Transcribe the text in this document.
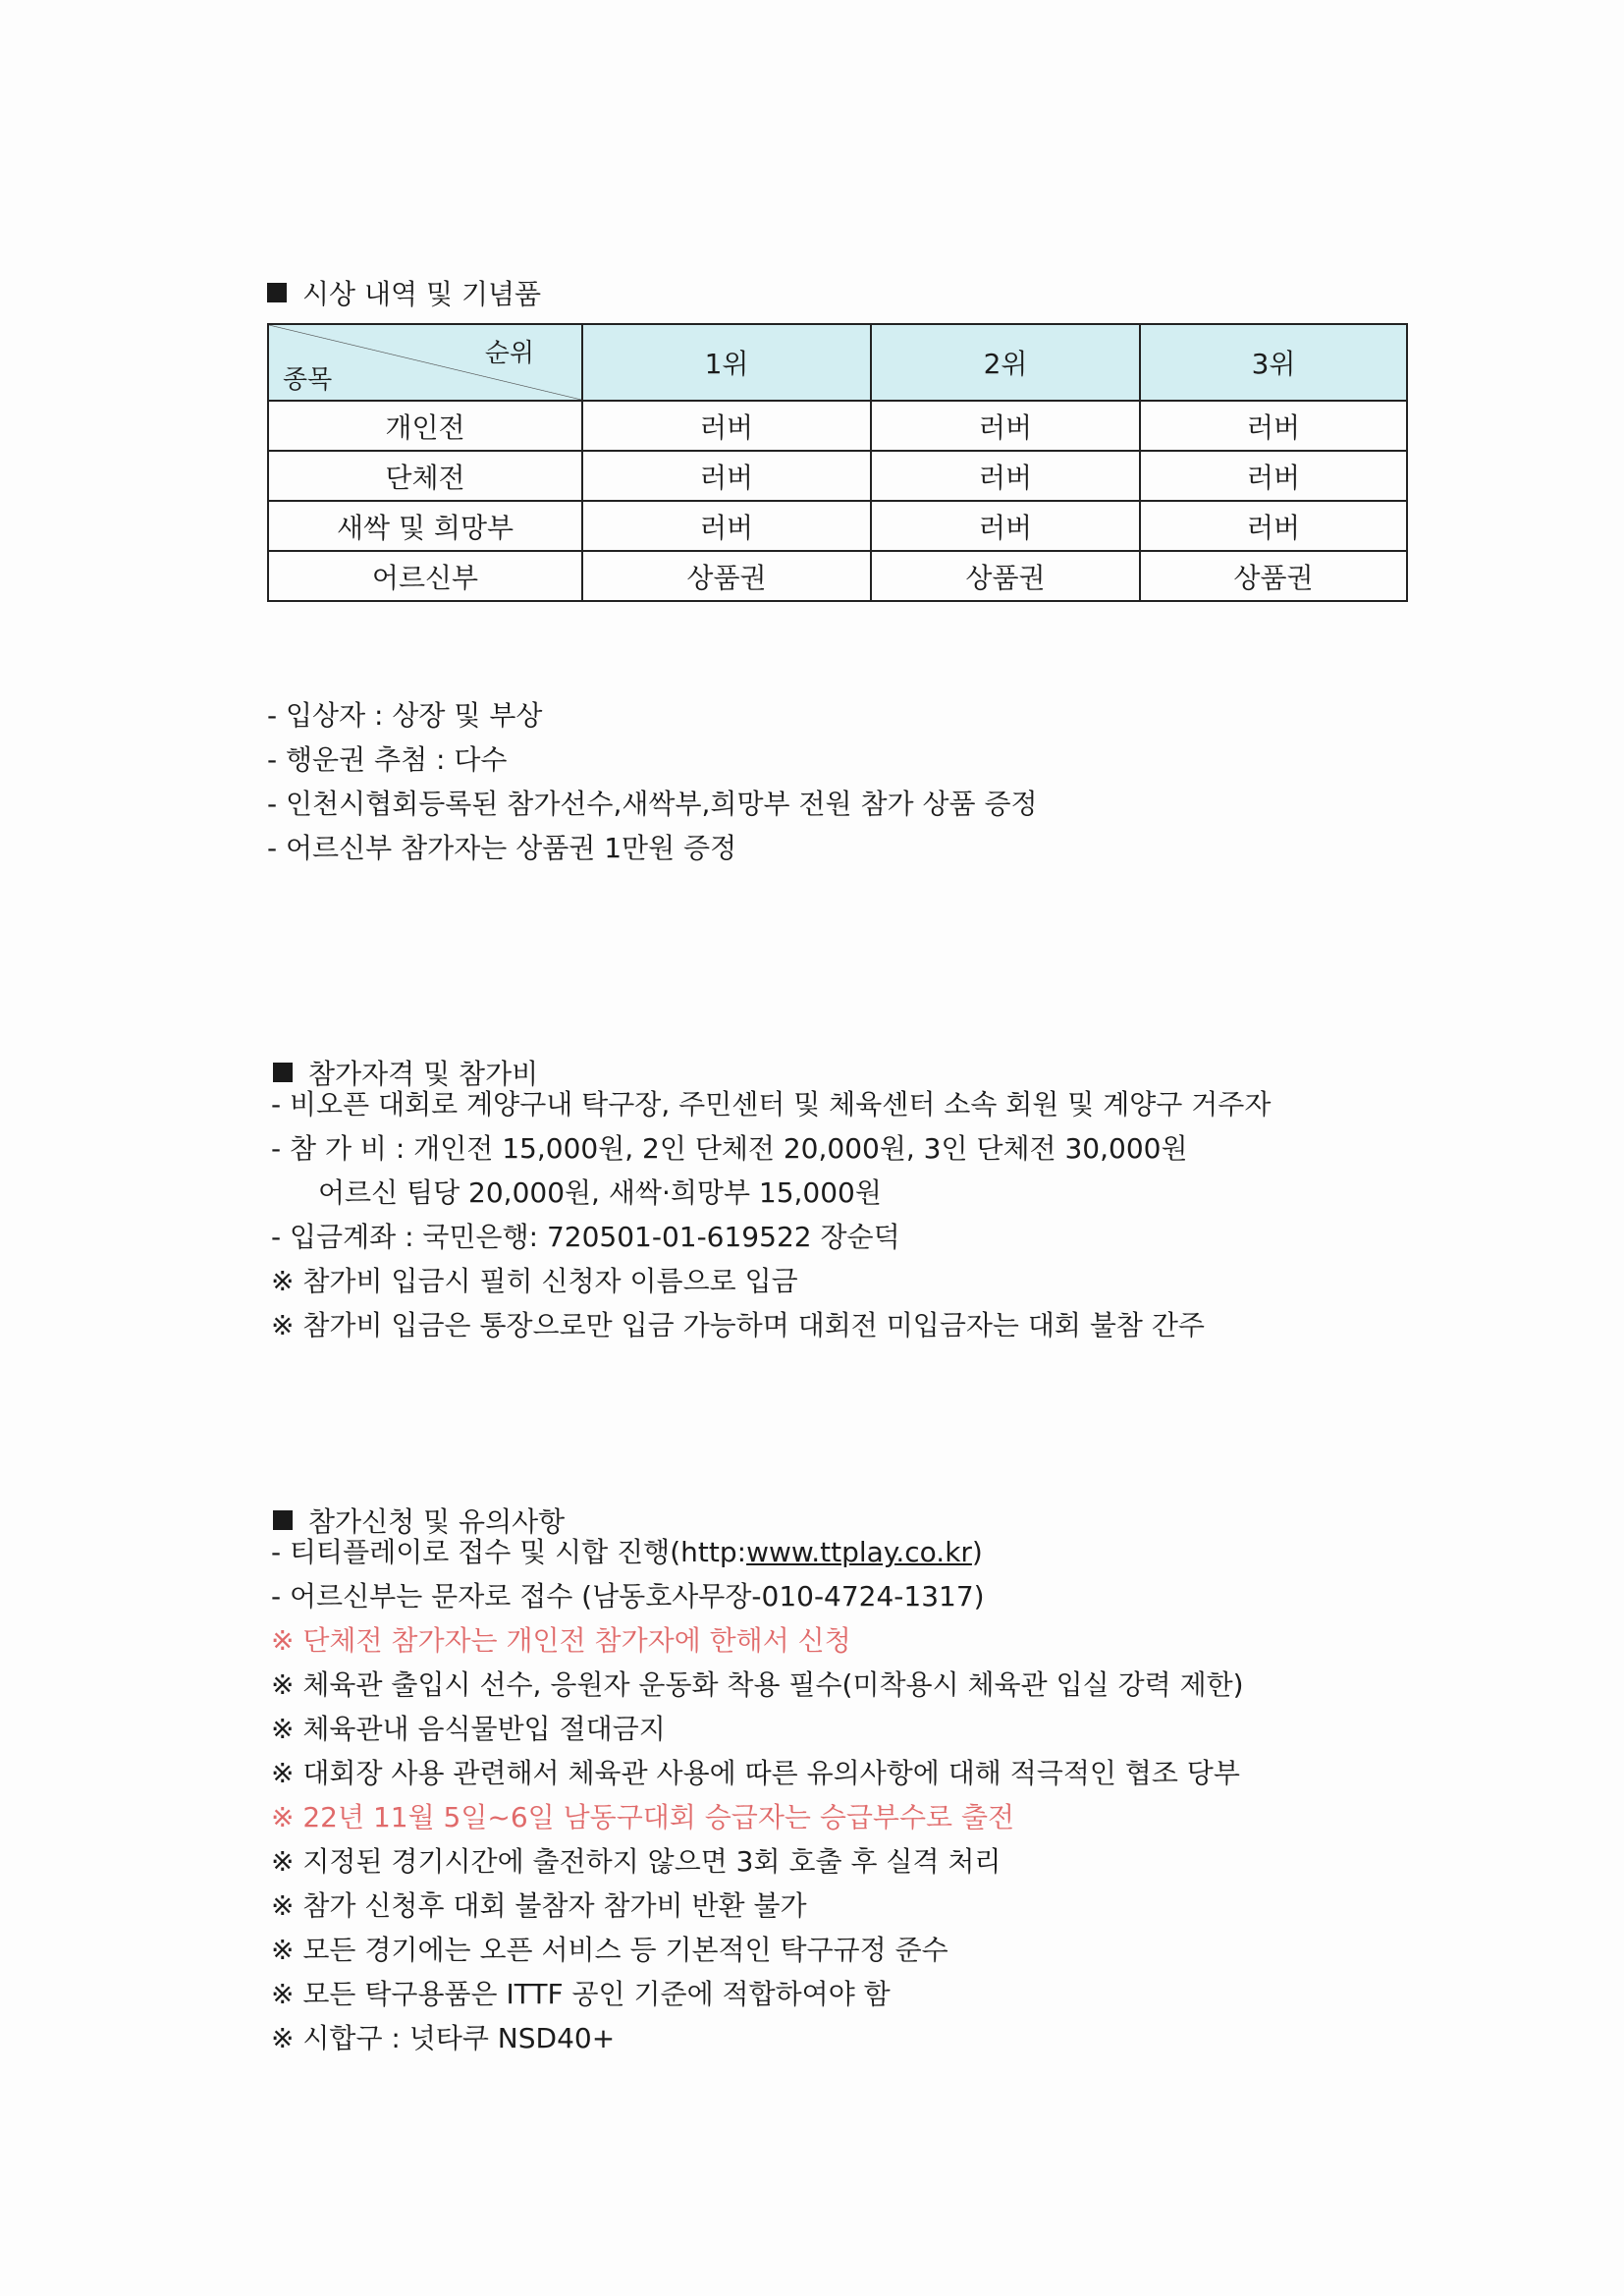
시상 내역 및 기념품
순위
종목	1위	2위	3위
개인전	러버	러버	러버
단체전	러버	러버	러버
새싹 및 희망부	러버	러버	러버
어르신부	상품권	상품권	상품권
- 입상자 : 상장 및 부상
- 행운권 추첨 : 다수
- 인천시협회등록된 참가선수,새싹부,희망부 전원 참가 상품 증정
- 어르신부 참가자는 상품권 1만원 증정
참가자격 및 참가비
- 비오픈 대회로 계양구내 탁구장, 주민센터 및 체육센터 소속 회원 및 계양구 거주자
- 참 가 비 : 개인전 15,000원, 2인 단체전 20,000원, 3인 단체전 30,000원
어르신 팀당 20,000원, 새싹·희망부 15,000원
- 입금계좌 : 국민은행: 720501-01-619522 장순덕
※ 참가비 입금시 필히 신청자 이름으로 입금
※ 참가비 입금은 통장으로만 입금 가능하며 대회전 미입금자는 대회 불참 간주
참가신청 및 유의사항
- 티티플레이로 접수 및 시합 진행(http:www.ttplay.co.kr)
- 어르신부는 문자로 접수 (남동호사무장-010-4724-1317)
※ 단체전 참가자는 개인전 참가자에 한해서 신청
※ 체육관 출입시 선수, 응원자 운동화 착용 필수(미착용시 체육관 입실 강력 제한)
※ 체육관내 음식물반입 절대금지
※ 대회장 사용 관련해서 체육관 사용에 따른 유의사항에 대해 적극적인 협조 당부
※ 22년 11월 5일~6일 남동구대회 승급자는 승급부수로 출전
※ 지정된 경기시간에 출전하지 않으면 3회 호출 후 실격 처리
※ 참가 신청후 대회 불참자 참가비 반환 불가
※ 모든 경기에는 오픈 서비스 등 기본적인 탁구규정 준수
※ 모든 탁구용품은 ITTF 공인 기준에 적합하여야 함
※ 시합구 : 넛타쿠 NSD40+
